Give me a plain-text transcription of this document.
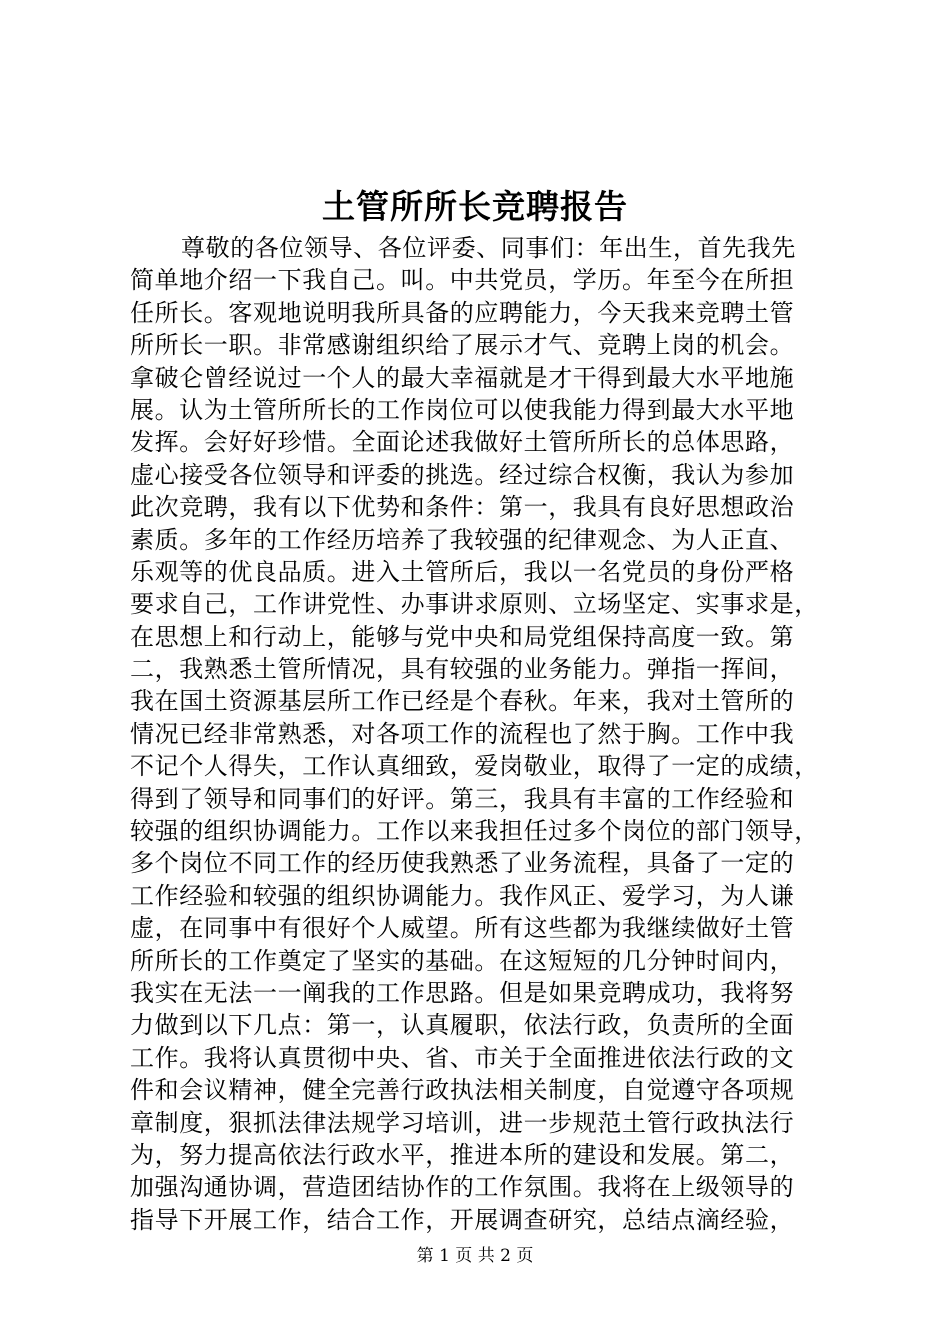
土管所所长竞聘报告
尊敬的各位领导、各位评委、同事们：年出生，首先我先
简单地介绍一下我自己。叫。中共党员，学历。年至今在所担
任所长。客观地说明我所具备的应聘能力，今天我来竞聘土管
所所长一职。非常感谢组织给了展示才气、竞聘上岗的机会。
拿破仑曾经说过一个人的最大幸福就是才干得到最大水平地施
展。认为土管所所长的工作岗位可以使我能力得到最大水平地
发挥。会好好珍惜。全面论述我做好土管所所长的总体思路，
虚心接受各位领导和评委的挑选。经过综合权衡，我认为参加
此次竞聘，我有以下优势和条件：第一，我具有良好思想政治
素质。多年的工作经历培养了我较强的纪律观念、为人正直、
乐观等的优良品质。进入土管所后，我以一名党员的身份严格
要求自己，工作讲党性、办事讲求原则、立场坚定、实事求是，
在思想上和行动上，能够与党中央和局党组保持高度一致。第
二，我熟悉土管所情况，具有较强的业务能力。弹指一挥间，
我在国土资源基层所工作已经是个春秋。年来，我对土管所的
情况已经非常熟悉，对各项工作的流程也了然于胸。工作中我
不记个人得失，工作认真细致，爱岗敬业，取得了一定的成绩，
得到了领导和同事们的好评。第三，我具有丰富的工作经验和
较强的组织协调能力。工作以来我担任过多个岗位的部门领导，
多个岗位不同工作的经历使我熟悉了业务流程，具备了一定的
工作经验和较强的组织协调能力。我作风正、爱学习，为人谦
虚，在同事中有很好个人威望。所有这些都为我继续做好土管
所所长的工作奠定了坚实的基础。在这短短的几分钟时间内，
我实在无法一一阐我的工作思路。但是如果竞聘成功，我将努
力做到以下几点：第一，认真履职，依法行政，负责所的全面
工作。我将认真贯彻中央、省、市关于全面推进依法行政的文
件和会议精神，健全完善行政执法相关制度，自觉遵守各项规
章制度，狠抓法律法规学习培训，进一步规范土管行政执法行
为，努力提高依法行政水平，推进本所的建设和发展。第二，
加强沟通协调，营造团结协作的工作氛围。我将在上级领导的
指导下开展工作，结合工作，开展调查研究，总结点滴经验，
第 1 页 共 2 页
